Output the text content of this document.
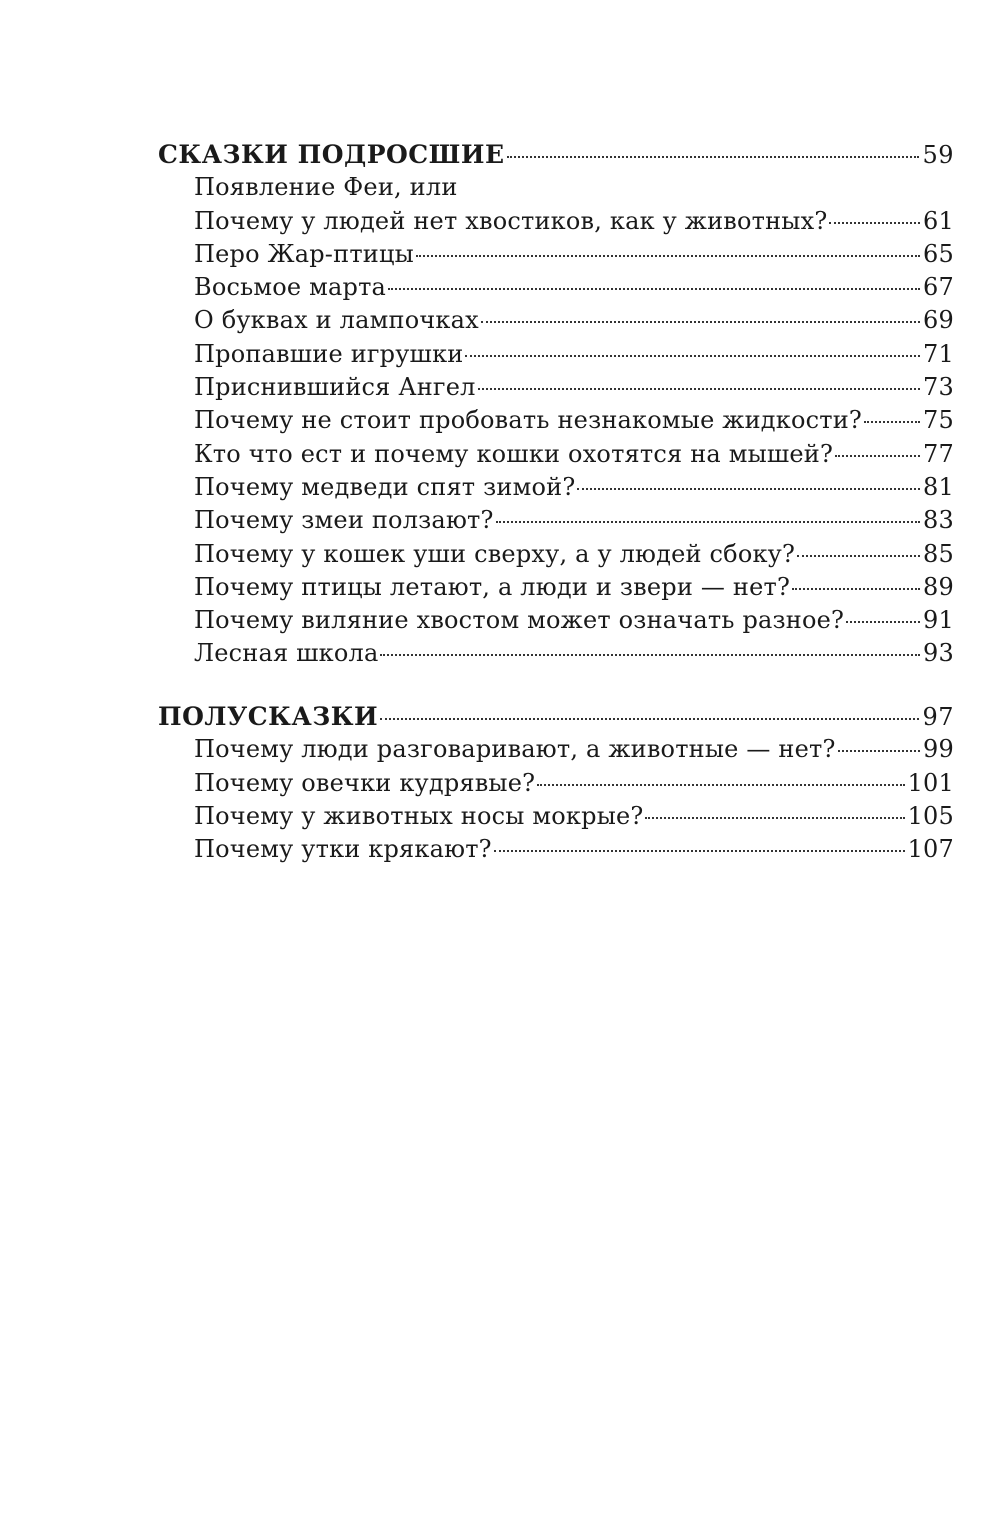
СКАЗКИ ПОДРОСШИЕ	59
Появление Феи, или
Почему у людей нет хвостиков, как у животных?	61
Перо Жар-птицы	65
Восьмое марта	67
О буквах и лампочках	69
Пропавшие игрушки	71
Приснившийся Ангел	73
Почему не стоит пробовать незнакомые жидкости?	75
Кто что ест и почему кошки охотятся на мышей?	77
Почему медведи спят зимой?	81
Почему змеи ползают?	83
Почему у кошек уши сверху, а у людей сбоку?	85
Почему птицы летают, а люди и звери — нет?	89
Почему виляние хвостом может означать разное?	91
Лесная школа	93
ПОЛУСКАЗКИ	97
Почему люди разговаривают, а животные — нет?	99
Почему овечки кудрявые?	101
Почему у животных носы мокрые?	105
Почему утки крякают?	107
